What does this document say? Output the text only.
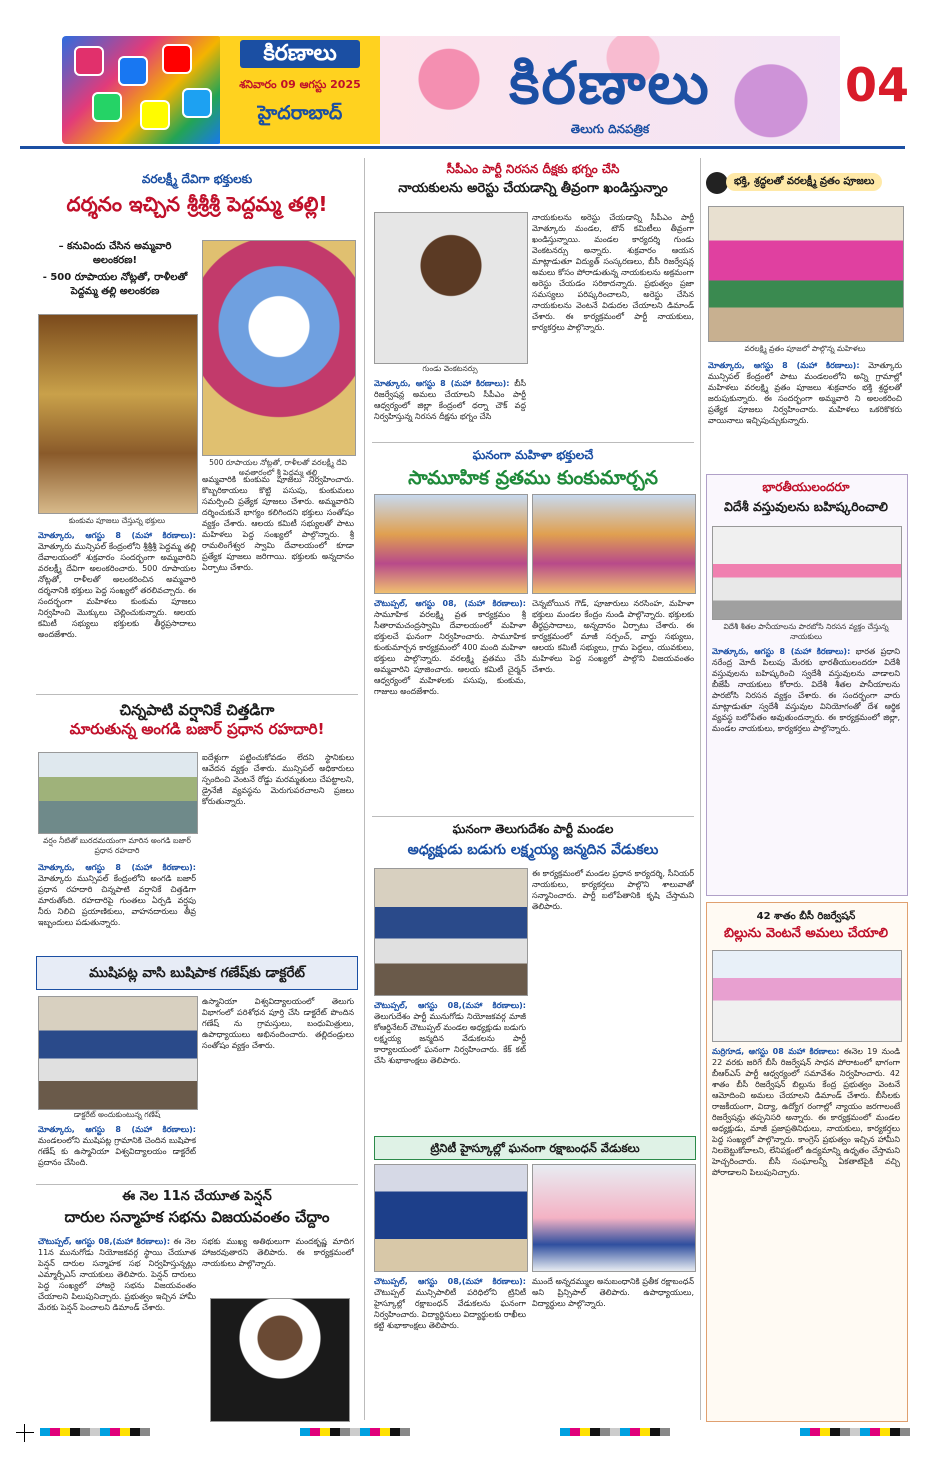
కిరణాలు
శనివారం 09 ఆగస్టు 2025
హైదరాబాద్	కిరణాలు
తెలుగు దినపత్రిక
04
వరలక్ష్మీ దేవిగా భక్తులకు
దర్శనం ఇచ్చిన శ్రీశ్రీశ్రీ పెద్దమ్మ తల్లి!
– కనువిందు చేసిన అమ్మవారి అలంకరణ!
- 500 రూపాయల నోట్లతో, రాళీలతో పెద్దమ్మ తల్లి అలంకరణ
500 రూపాయల నోట్లతో, రాళీలతో వరలక్ష్మీ దేవి అవతారంలో శ్రీ పెద్దమ్మ తల్లి
కుంకుమ పూజలు చేస్తున్న భక్తులు
మోత్కూరు, ఆగస్టు 8 (మహా కిరణాలు): మోత్కూరు మున్సిపల్ కేంద్రంలోని శ్రీశ్రీశ్రీ పెద్దమ్మ తల్లి దేవాలయంలో శుక్రవారం సందర్భంగా అమ్మవారిని వరలక్ష్మీ దేవిగా అలంకరించారు. 500 రూపాయల నోట్లతో, రాళీలతో అలంకరించిన అమ్మవారి దర్శనానికి భక్తులు పెద్ద సంఖ్యలో తరలివచ్చారు. ఈ సందర్భంగా మహిళలు కుంకుమ పూజలు నిర్వహించి మొక్కులు చెల్లించుకున్నారు. ఆలయ కమిటీ సభ్యులు భక్తులకు తీర్థప్రసాదాలు అందజేశారు.
అమ్మవారికి కుంకుమ పూజలు నిర్వహించారు. కొబ్బరికాయలు కొట్టి పసుపు, కుంకుమలు సమర్పించి ప్రత్యేక పూజలు చేశారు. అమ్మవారిని దర్శించుకునే భాగ్యం కలిగిందని భక్తులు సంతోషం వ్యక్తం చేశారు. ఆలయ కమిటీ సభ్యులతో పాటు మహిళలు పెద్ద సంఖ్యలో పాల్గొన్నారు. శ్రీ రామలింగేశ్వర స్వామి దేవాలయంలో కూడా ప్రత్యేక పూజలు జరిగాయి. భక్తులకు అన్నదానం ఏర్పాటు చేశారు.
చిన్నపాటి వర్షానికే చిత్తడిగా
మారుతున్న అంగడి బజార్ ప్రధాన రహదారి!
వర్షం నీటితో బురదమయంగా మారిన అంగడి బజార్ ప్రధాన రహదారి
మోత్కూరు, ఆగస్టు 8 (మహా కిరణాలు): మోత్కూరు మున్సిపల్ కేంద్రంలోని అంగడి బజార్ ప్రధాన రహదారి చిన్నపాటి వర్షానికే చిత్తడిగా మారుతోంది. రహదారిపై గుంతలు ఏర్పడి వర్షపు నీరు నిలిచి ప్రయాణికులు, వాహనదారులు తీవ్ర ఇబ్బందులు పడుతున్నారు.
ఐదేళ్లుగా పట్టించుకోవడం లేదని స్థానికులు ఆవేదన వ్యక్తం చేశారు. మున్సిపల్ అధికారులు స్పందించి వెంటనే రోడ్డు మరమ్మతులు చేపట్టాలని, డ్రైనేజీ వ్యవస్థను మెరుగుపరచాలని ప్రజలు కోరుతున్నారు.
ముషిపట్ల వాసి బుషిపాక గణేష్‌కు డాక్టరేట్
డాక్టరేట్ అందుకుంటున్న గణేష్
మోత్కూరు, ఆగస్టు 8 (మహా కిరణాలు): మండలంలోని ముషిపట్ల గ్రామానికి చెందిన బుషిపాక గణేష్ కు ఉస్మానియా విశ్వవిద్యాలయం డాక్టరేట్ ప్రదానం చేసింది.
ఉస్మానియా విశ్వవిద్యాలయంలో తెలుగు విభాగంలో పరిశోధన పూర్తి చేసి డాక్టరేట్ పొందిన గణేష్ ను గ్రామస్తులు, బంధుమిత్రులు, ఉపాధ్యాయులు అభినందించారు. తల్లిదండ్రులు సంతోషం వ్యక్తం చేశారు.
ఈ నెల 11న చేయూత పెన్షన్
దారుల సన్మాహక సభను విజయవంతం చేద్దాం
చౌటుప్పల్, ఆగస్టు 08,(మహా కిరణాలు): ఈ నెల 11న మునుగోడు నియోజకవర్గ స్థాయి చేయూత పెన్షన్ దారుల సన్మాహక సభ నిర్వహిస్తున్నట్లు ఎమ్మార్పీఎస్ నాయకులు తెలిపారు. పెన్షన్ దారులు పెద్ద సంఖ్యలో హాజరై సభను విజయవంతం చేయాలని పిలుపునిచ్చారు. ప్రభుత్వం ఇచ్చిన హామీ మేరకు పెన్షన్ పెంచాలని డిమాండ్ చేశారు.
సభకు ముఖ్య అతిథులుగా మందకృష్ణ మాదిగ హాజరవుతారని తెలిపారు. ఈ కార్యక్రమంలో నాయకులు పాల్గొన్నారు.
సీపీఎం పార్టీ నిరసన దీక్షకు భగ్నం చేసి
నాయకులను అరెస్టు చేయడాన్ని తీవ్రంగా ఖండిస్తున్నాం
గుండు వెంకటనర్సు
మోత్కూరు, ఆగస్టు 8 (మహా కిరణాలు): బీసీ రిజర్వేషన్ల అమలు చేయాలని సీపీఎం పార్టీ ఆధ్వర్యంలో జిల్లా కేంద్రంలో ధర్నా చౌక్ వద్ద నిర్వహిస్తున్న నిరసన దీక్షను భగ్నం చేసి
నాయకులను అరెస్టు చేయడాన్ని సీపీఎం పార్టీ మోత్కూరు మండల, టౌన్ కమిటీలు తీవ్రంగా ఖండిస్తున్నాయి. మండల కార్యదర్శి గుండు వెంకటనర్సు అన్నారు. శుక్రవారం ఆయన మాట్లాడుతూ విద్యుత్ సంస్కరణలు, బీసీ రిజర్వేషన్ల అమలు కోసం పోరాడుతున్న నాయకులను అక్రమంగా అరెస్టు చేయడం సరికాదన్నారు. ప్రభుత్వం ప్రజా సమస్యలు పరిష్కరించాలని, అరెస్టు చేసిన నాయకులను వెంటనే విడుదల చేయాలని డిమాండ్ చేశారు. ఈ కార్యక్రమంలో పార్టీ నాయకులు, కార్యకర్తలు పాల్గొన్నారు.
ఘనంగా మహిళా భక్తులచే
సామూహిక వ్రతము కుంకుమార్చన
చౌటుప్పల్, ఆగస్టు 08, (మహా కిరణాలు): సామూహిక వరలక్ష్మి వ్రత కార్యక్రమం శ్రీ సీతారామచంద్రస్వామి దేవాలయంలో మహిళా భక్తులచే ఘనంగా నిర్వహించారు. సామూహిక కుంకుమార్చన కార్యక్రమంలో 400 మంది మహిళా భక్తులు పాల్గొన్నారు. వరలక్ష్మి వ్రతము చేసి అమ్మవారిని పూజించారు. ఆలయ కమిటీ చైర్మన్ ఆధ్వర్యంలో మహిళలకు పసుపు, కుంకుమ, గాజులు అందజేశారు.
చెన్నబోయిన గౌడ్, పూజారులు నరసింహ, మహిళా భక్తులు మండల కేంద్రం నుండి పాల్గొన్నారు. భక్తులకు తీర్థప్రసాదాలు, అన్నదానం ఏర్పాటు చేశారు. ఈ కార్యక్రమంలో మాజీ సర్పంచ్, వార్డు సభ్యులు, ఆలయ కమిటీ సభ్యులు, గ్రామ పెద్దలు, యువకులు, మహిళలు పెద్ద సంఖ్యలో పాల్గొని విజయవంతం చేశారు.
ఘనంగా తెలుగుదేశం పార్టీ మండల
అధ్యక్షుడు బడుగు లక్ష్మయ్య జన్మదిన వేడుకలు
చౌటుప్పల్, ఆగస్టు 08,(మహా కిరణాలు): తెలుగుదేశం పార్టీ మునుగోడు నియోజకవర్గ మాజీ కోఆర్డినేటర్ చౌటుప్పల్ మండల అధ్యక్షుడు బడుగు లక్ష్మయ్య జన్మదిన వేడుకలను పార్టీ కార్యాలయంలో ఘనంగా నిర్వహించారు. కేక్ కట్ చేసి శుభాకాంక్షలు తెలిపారు.
ఈ కార్యక్రమంలో మండల ప్రధాన కార్యదర్శి, సీనియర్ నాయకులు, కార్యకర్తలు పాల్గొని శాలువాతో సన్మానించారు. పార్టీ బలోపేతానికి కృషి చేస్తామని తెలిపారు.
ట్రినిటీ హైస్కూల్లో ఘనంగా రక్షాబంధన్ వేడుకలు
చౌటుప్పల్, ఆగస్టు 08,(మహా కిరణాలు): చౌటుప్పల్ మున్సిపాలిటీ పరిధిలోని ట్రినిటీ హైస్కూల్లో రక్షాబంధన్ వేడుకలను ఘనంగా నిర్వహించారు. విద్యార్థినులు విద్యార్థులకు రాఖీలు కట్టి శుభాకాంక్షలు తెలిపారు.
ముందే అన్నదమ్ముల అనుబంధానికి ప్రతీక రక్షాబంధన్ అని ప్రిన్సిపాల్ తెలిపారు. ఉపాధ్యాయులు, విద్యార్థులు పాల్గొన్నారు.
భక్తి, శ్రద్ధలతో వరలక్ష్మీ వ్రతం పూజలు
వరలక్ష్మి వ్రతం పూజలో పాల్గొన్న మహిళలు
మోత్కూరు, ఆగస్టు 8 (మహా కిరణాలు): మోత్కూరు మున్సిపల్ కేంద్రంలో పాటు మండలంలోని అన్ని గ్రామాల్లో మహిళలు వరలక్ష్మి వ్రతం పూజలు శుక్రవారం భక్తి శ్రద్ధలతో జరుపుకున్నారు. ఈ సందర్భంగా అమ్మవారి ని అలంకరించి ప్రత్యేక పూజలు నిర్వహించారు. మహిళలు ఒకరికొకరు వాయినాలు ఇచ్చిపుచ్చుకున్నారు.
భారతీయులందరూ
విదేశీ వస్తువులను బహిష్కరించాలి
విదేశీ శీతల పానీయాలను పారబోసి నిరసన వ్యక్తం చేస్తున్న నాయకులు
మోత్కూరు, ఆగస్టు 8 (మహా కిరణాలు): భారత ప్రధాని నరేంద్ర మోదీ పిలుపు మేరకు భారతీయులందరూ విదేశీ వస్తువులను బహిష్కరించి స్వదేశీ వస్తువులను వాడాలని బీజేపీ నాయకులు కోరారు. విదేశీ శీతల పానీయాలను పారబోసి నిరసన వ్యక్తం చేశారు. ఈ సందర్భంగా వారు మాట్లాడుతూ స్వదేశీ వస్తువుల వినియోగంతో దేశ ఆర్థిక వ్యవస్థ బలోపేతం అవుతుందన్నారు. ఈ కార్యక్రమంలో జిల్లా, మండల నాయకులు, కార్యకర్తలు పాల్గొన్నారు.
42 శాతం బీసీ రిజర్వేషన్
బిల్లును వెంటనే అమలు చేయాలి
మర్రిగూడ, ఆగస్టు 08 మహా కిరణాలు: ఈనెల 19 నుండి 22 వరకు జరిగే బీసీ రిజర్వేషన్ సాధన పోరాటంలో భాగంగా బీఆర్ఎస్ పార్టీ ఆధ్వర్యంలో సమావేశం నిర్వహించారు. 42 శాతం బీసీ రిజర్వేషన్ బిల్లును కేంద్ర ప్రభుత్వం వెంటనే ఆమోదించి అమలు చేయాలని డిమాండ్ చేశారు. బీసీలకు రాజకీయంగా, విద్యా, ఉద్యోగ రంగాల్లో న్యాయం జరగాలంటే రిజర్వేషన్లు తప్పనిసరి అన్నారు. ఈ కార్యక్రమంలో మండల అధ్యక్షుడు, మాజీ ప్రజాప్రతినిధులు, నాయకులు, కార్యకర్తలు పెద్ద సంఖ్యలో పాల్గొన్నారు. కాంగ్రెస్ ప్రభుత్వం ఇచ్చిన హామీని నిలబెట్టుకోవాలని, లేనిపక్షంలో ఉద్యమాన్ని ఉధృతం చేస్తామని హెచ్చరించారు. బీసీ సంఘాలన్నీ ఏకతాటిపైకి వచ్చి పోరాడాలని పిలుపునిచ్చారు.
